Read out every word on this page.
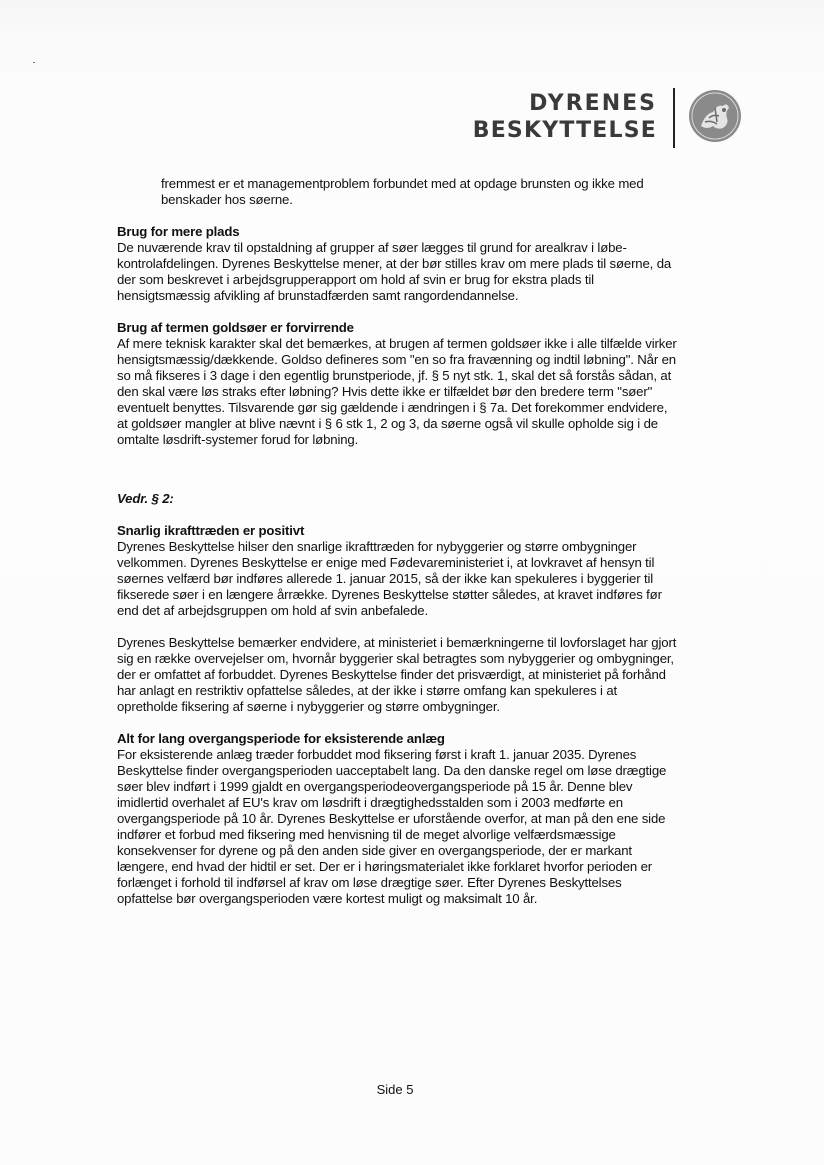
DYRENES
BESKYTTELSE

fremmest er et managementproblem forbundet med at opdage brunsten og ikke med benskader hos søerne.

Brug for mere plads
De nuværende krav til opstaldning af grupper af søer lægges til grund for arealkrav i løbe-kontrolafdelingen. Dyrenes Beskyttelse mener, at der bør stilles krav om mere plads til søerne, da der som beskrevet i arbejdsgrupperapport om hold af svin er brug for ekstra plads til hensigtsmæssig afvikling af brunstadfærden samt rangordendannelse.

Brug af termen goldsøer er forvirrende
Af mere teknisk karakter skal det bemærkes, at brugen af termen goldsøer ikke i alle tilfælde virker hensigtsmæssig/dækkende. Goldso defineres som "en so fra fravænning og indtil løbning". Når en so må fikseres i 3 dage i den egentlig brunstperiode, jf. § 5 nyt stk. 1, skal det så forstås sådan, at den skal være løs straks efter løbning? Hvis dette ikke er tilfældet bør den bredere term "søer" eventuelt benyttes. Tilsvarende gør sig gældende i ændringen i § 7a. Det forekommer endvidere, at goldsøer mangler at blive nævnt i § 6 stk 1, 2 og 3, da søerne også vil skulle opholde sig i de omtalte løsdrift-systemer forud for løbning.

Vedr. § 2:

Snarlig ikrafttræden er positivt
Dyrenes Beskyttelse hilser den snarlige ikrafttræden for nybyggerier og større ombygninger velkommen. Dyrenes Beskyttelse er enige med Fødevareministeriet i, at lovkravet af hensyn til søernes velfærd bør indføres allerede 1. januar 2015, så der ikke kan spekuleres i byggerier til fikserede søer i en længere årrække. Dyrenes Beskyttelse støtter således, at kravet indføres før end det af arbejdsgruppen om hold af svin anbefalede.

Dyrenes Beskyttelse bemærker endvidere, at ministeriet i bemærkningerne til lovforslaget har gjort sig en række overvejelser om, hvornår byggerier skal betragtes som nybyggerier og ombygninger, der er omfattet af forbuddet. Dyrenes Beskyttelse finder det prisværdigt, at ministeriet på forhånd har anlagt en restriktiv opfattelse således, at der ikke i større omfang kan spekuleres i at opretholde fiksering af søerne i nybyggerier og større ombygninger.

Alt for lang overgangsperiode for eksisterende anlæg
For eksisterende anlæg træder forbuddet mod fiksering først i kraft 1. januar 2035. Dyrenes Beskyttelse finder overgangsperioden uacceptabelt lang. Da den danske regel om løse drægtige søer blev indført i 1999 gjaldt en overgangsperiodeovergangsperiode på 15 år. Denne blev imidlertid overhalet af EU's krav om løsdrift i drægtighedsstalden som i 2003 medførte en overgangsperiode på 10 år. Dyrenes Beskyttelse er uforstående overfor, at man på den ene side indfører et forbud med fiksering med henvisning til de meget alvorlige velfærdsmæssige konsekvenser for dyrene og på den anden side giver en overgangsperiode, der er markant længere, end hvad der hidtil er set. Der er i høringsmaterialet ikke forklaret hvorfor perioden er forlænget i forhold til indførsel af krav om løse drægtige søer. Efter Dyrenes Beskyttelses opfattelse bør overgangsperioden være kortest muligt og maksimalt 10 år.

Side 5
